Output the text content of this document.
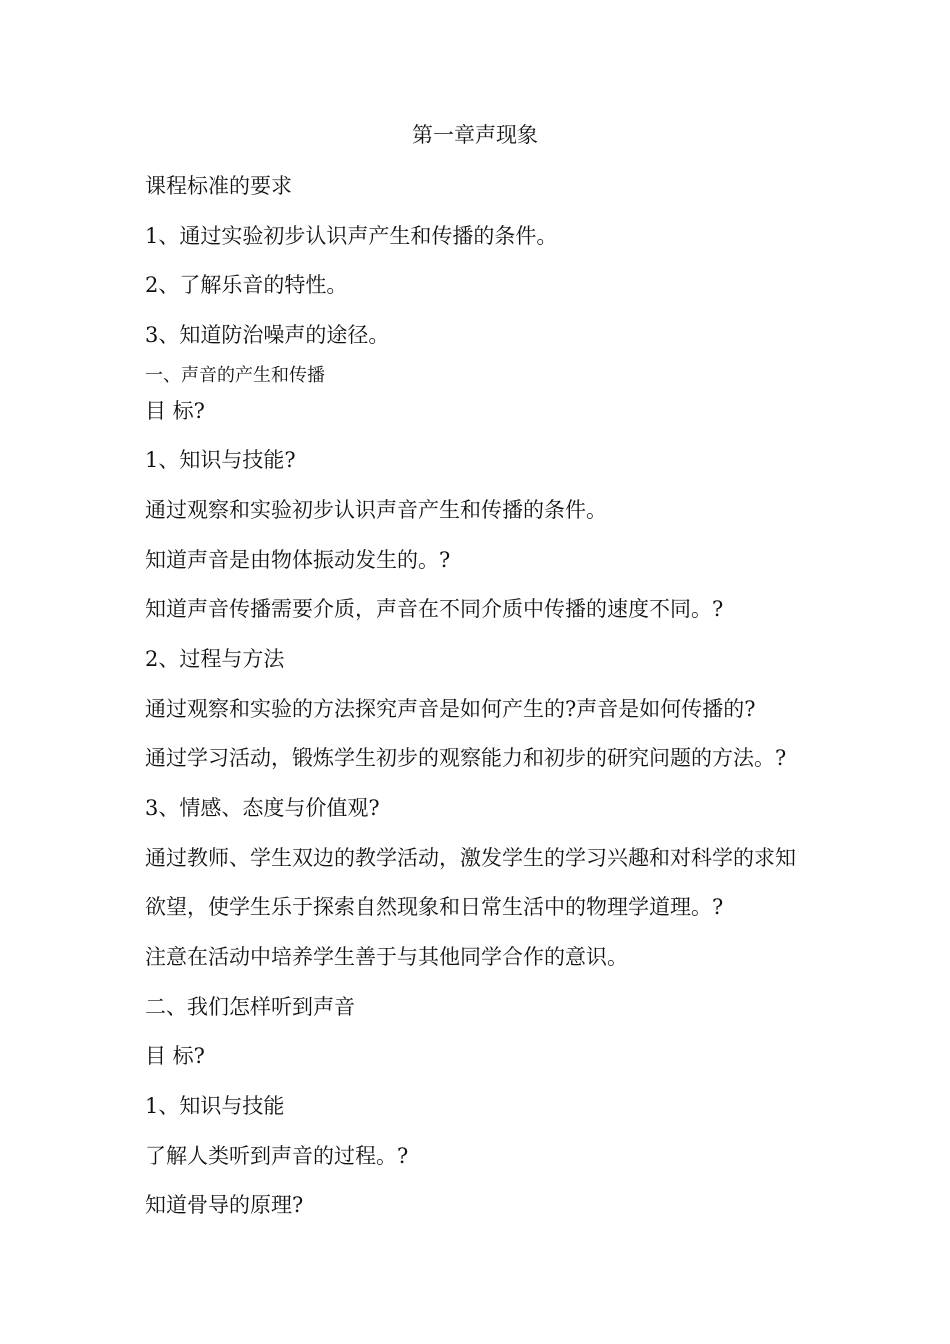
第一章声现象
课程标准的要求
1、通过实验初步认识声产生和传播的条件。
2、了解乐音的特性。
3、知道防治噪声的途径。
一、声音的产生和传播
目 标?
1、知识与技能?
通过观察和实验初步认识声音产生和传播的条件。
知道声音是由物体振动发生的。?
知道声音传播需要介质，声音在不同介质中传播的速度不同。?
2、过程与方法
通过观察和实验的方法探究声音是如何产生的?声音是如何传播的?
通过学习活动，锻炼学生初步的观察能力和初步的研究问题的方法。?
3、情感、态度与价值观?
通过教师、学生双边的教学活动，激发学生的学习兴趣和对科学的求知
欲望，使学生乐于探索自然现象和日常生活中的物理学道理。?
注意在活动中培养学生善于与其他同学合作的意识。
二、我们怎样听到声音
目 标?
1、知识与技能
了解人类听到声音的过程。?
知道骨导的原理?
